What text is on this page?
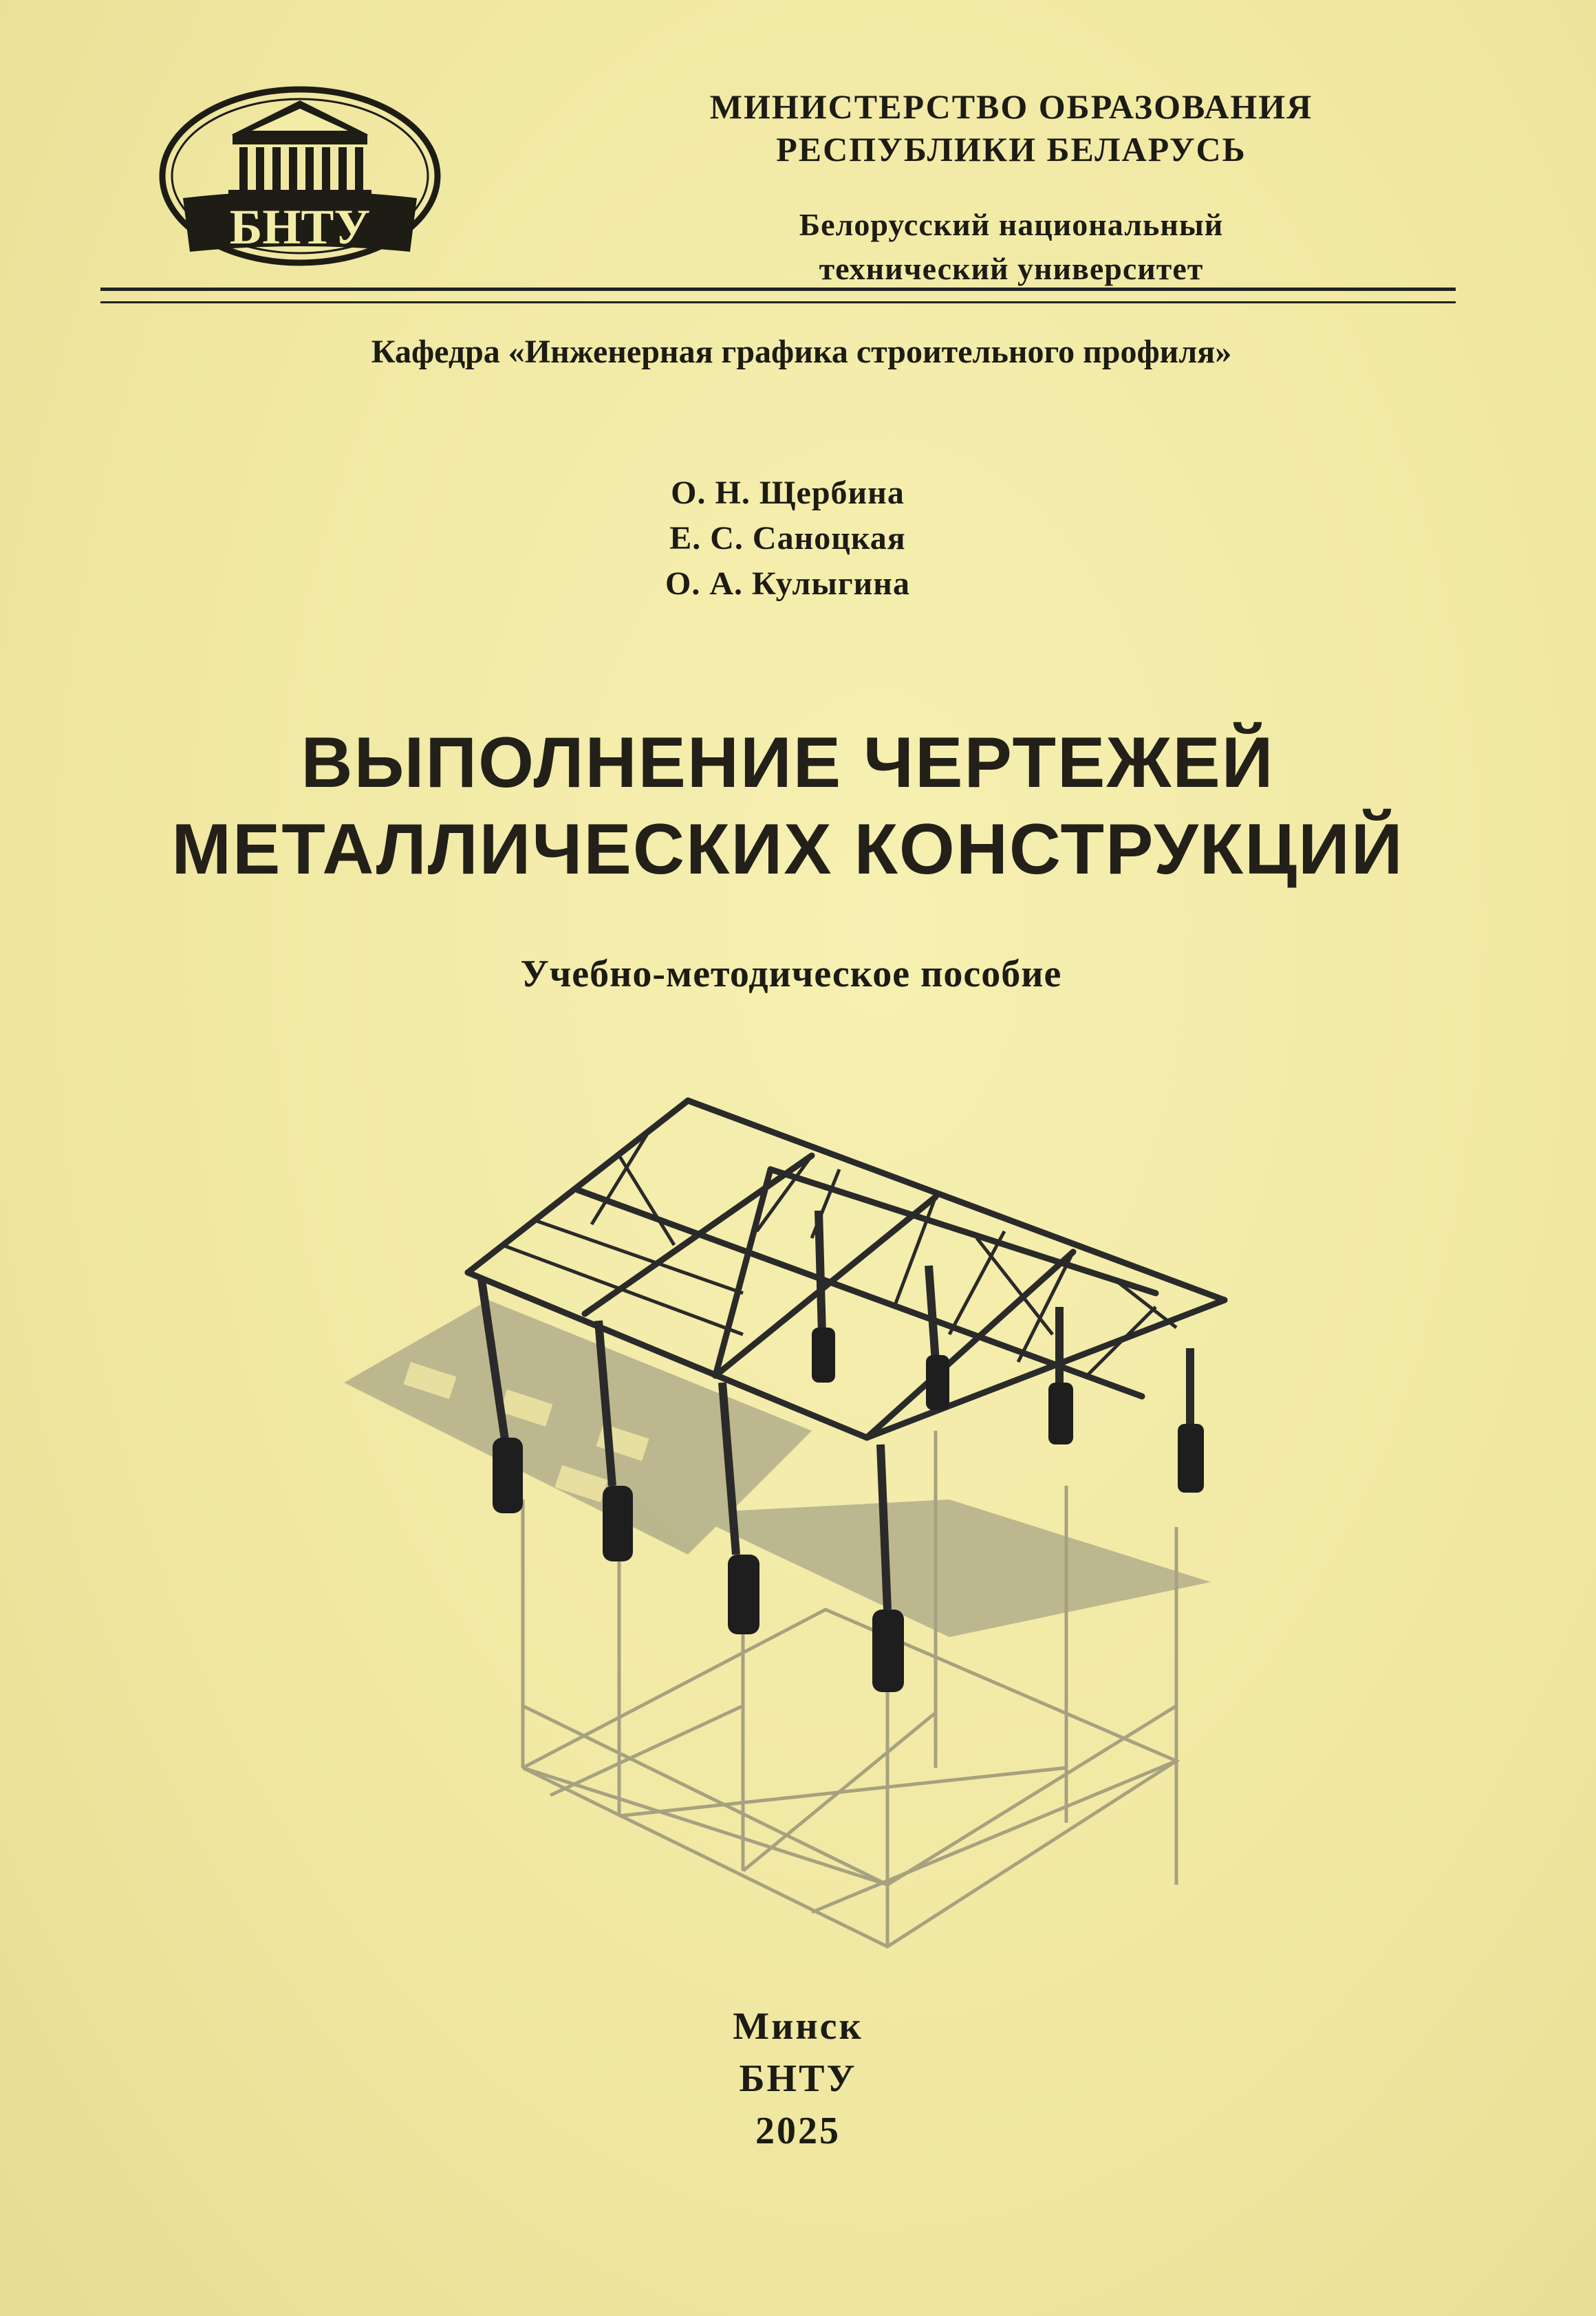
БНТУ
МИНИСТЕРСТВО ОБРАЗОВАНИЯ
РЕСПУБЛИКИ БЕЛАРУСЬ
Белорусский национальный
технический университет
Кафедра «Инженерная графика строительного профиля»
О. Н. Щербина
Е. С. Саноцкая
О. А. Кулыгина
ВЫПОЛНЕНИЕ ЧЕРТЕЖЕЙ
МЕТАЛЛИЧЕСКИХ КОНСТРУКЦИЙ
Учебно-методическое пособие
Минск
БНТУ
2025
